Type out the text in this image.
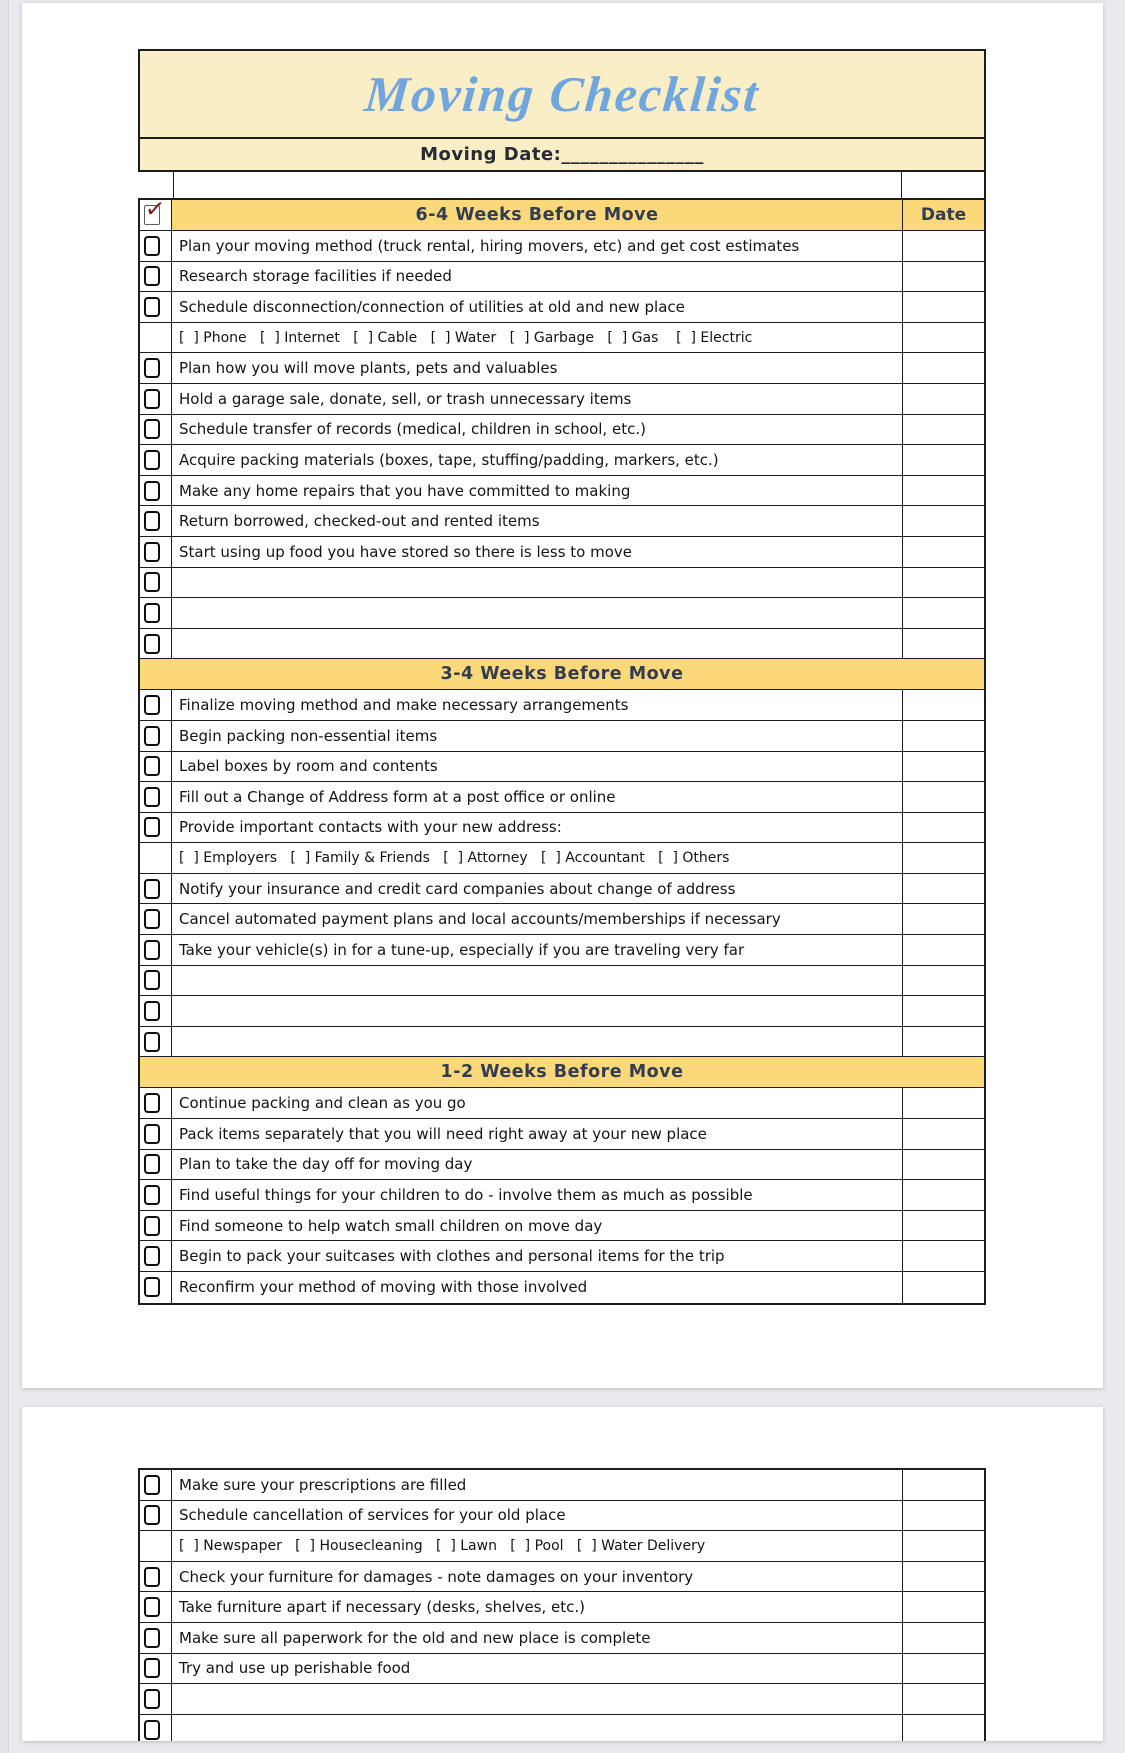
Moving Checklist
Moving Date: _______________
✓	6-4 Weeks Before Move	Date
Plan your moving method (truck rental, hiring movers, etc) and get cost estimates
Research storage facilities if needed
Schedule disconnection/connection of utilities at old and new place
[  ] Phone   [  ] Internet   [  ] Cable   [  ] Water   [  ] Garbage   [  ] Gas    [  ] Electric
Plan how you will move plants, pets and valuables
Hold a garage sale, donate, sell, or trash unnecessary items
Schedule transfer of records (medical, children in school, etc.)
Acquire packing materials (boxes, tape, stuffing/padding, markers, etc.)
Make any home repairs that you have committed to making
Return borrowed, checked-out and rented items
Start using up food you have stored so there is less to move
3-4 Weeks Before Move
Finalize moving method and make necessary arrangements
Begin packing non-essential items
Label boxes by room and contents
Fill out a Change of Address form at a post office or online
Provide important contacts with your new address:
[  ] Employers   [  ] Family & Friends   [  ] Attorney   [  ] Accountant   [  ] Others
Notify your insurance and credit card companies about change of address
Cancel automated payment plans and local accounts/memberships if necessary
Take your vehicle(s) in for a tune-up, especially if you are traveling very far
1-2 Weeks Before Move
Continue packing and clean as you go
Pack items separately that you will need right away at your new place
Plan to take the day off for moving day
Find useful things for your children to do - involve them as much as possible
Find someone to help watch small children on move day
Begin to pack your suitcases with clothes and personal items for the trip
Reconfirm your method of moving with those involved
Make sure your prescriptions are filled
Schedule cancellation of services for your old place
[  ] Newspaper   [  ] Housecleaning   [  ] Lawn   [  ] Pool   [  ] Water Delivery
Check your furniture for damages - note damages on your inventory
Take furniture apart if necessary (desks, shelves, etc.)
Make sure all paperwork for the old and new place is complete
Try and use up perishable food
